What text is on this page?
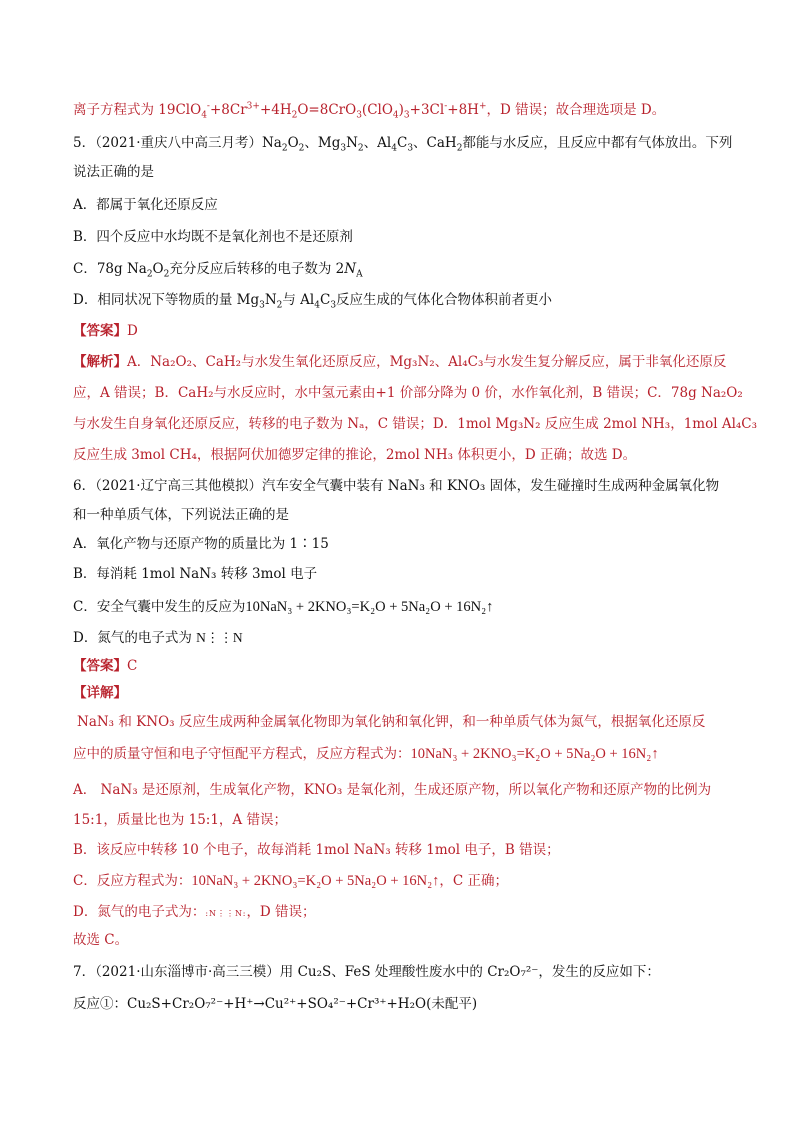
离子方程式为 $19ClO_4^-+8Cr^{3+}+4H_2O=8CrO_3(ClO_4)_3+3Cl^-+8H^+$，D 错误；故合理选项是 D。
5．（2021·重庆八中高三月考）$Na_2O_2$、$Mg_3N_2$、$Al_4C_3$、CaH$_2$都能与水反应，且反应中都有气体放出。下列
说法正确的是
A．都属于氧化还原反应
B．四个反应中水均既不是氧化剂也不是还原剂
C．78g $Na_2O_2$充分反应后转移的电子数为 $2N_A$
D．相同状况下等物质的量 $Mg_3N_2$与 $Al_4C_3$反应生成的气体化合物体积前者更小
【答案】D
【解析】A．Na₂O₂、CaH₂与水发生氧化还原反应，Mg₃N₂、Al₄C₃与水发生复分解反应，属于非氧化还原反
应，A 错误；B．CaH₂与水反应时，水中氢元素由+1 价部分降为 0 价，水作氧化剂，B 错误；C．78g Na₂O₂
与水发生自身氧化还原反应，转移的电子数为 Nₐ，C 错误；D．1mol Mg₃N₂ 反应生成 2mol NH₃，1mol Al₄C₃
反应生成 3mol CH₄，根据阿伏加德罗定律的推论，2mol NH₃ 体积更小，D 正确；故选 D。
6．（2021·辽宁高三其他模拟）汽车安全气囊中装有 NaN₃ 和 KNO₃ 固体，发生碰撞时生成两种金属氧化物
和一种单质气体，下列说法正确的是
A．氧化产物与还原产物的质量比为 1∶15
B．每消耗 1mol NaN₃ 转移 3mol 电子
C．安全气囊中发生的反应为10NaN₃ + 2KNO₃=K₂O + 5Na₂O + 16N₂↑
D．氮气的电子式为 N⋮⋮N
【答案】C
【详解】
NaN₃ 和 KNO₃ 反应生成两种金属氧化物即为氧化钠和氧化钾，和一种单质气体为氮气，根据氧化还原反
应中的质量守恒和电子守恒配平方程式，反应方程式为：10NaN₃ + 2KNO₃=K₂O + 5Na₂O + 16N₂↑
A． NaN₃ 是还原剂，生成氧化产物，KNO₃ 是氧化剂，生成还原产物，所以氧化产物和还原产物的比例为
15:1，质量比也为 15:1，A 错误；
B．该反应中转移 10 个电子，故每消耗 1mol NaN₃ 转移 1mol 电子，B 错误；
C．反应方程式为：10NaN₃ + 2KNO₃=K₂O + 5Na₂O + 16N₂↑，C 正确；
D．氮气的电子式为：:N⋮⋮N:，D 错误；
故选 C。
7．（2021·山东淄博市·高三三模）用 Cu₂S、FeS 处理酸性废水中的 Cr₂O₇²⁻，发生的反应如下：
反应①：Cu₂S+Cr₂O₇²⁻+H⁺→Cu²⁺+SO₄²⁻+Cr³⁺+H₂O(未配平)
